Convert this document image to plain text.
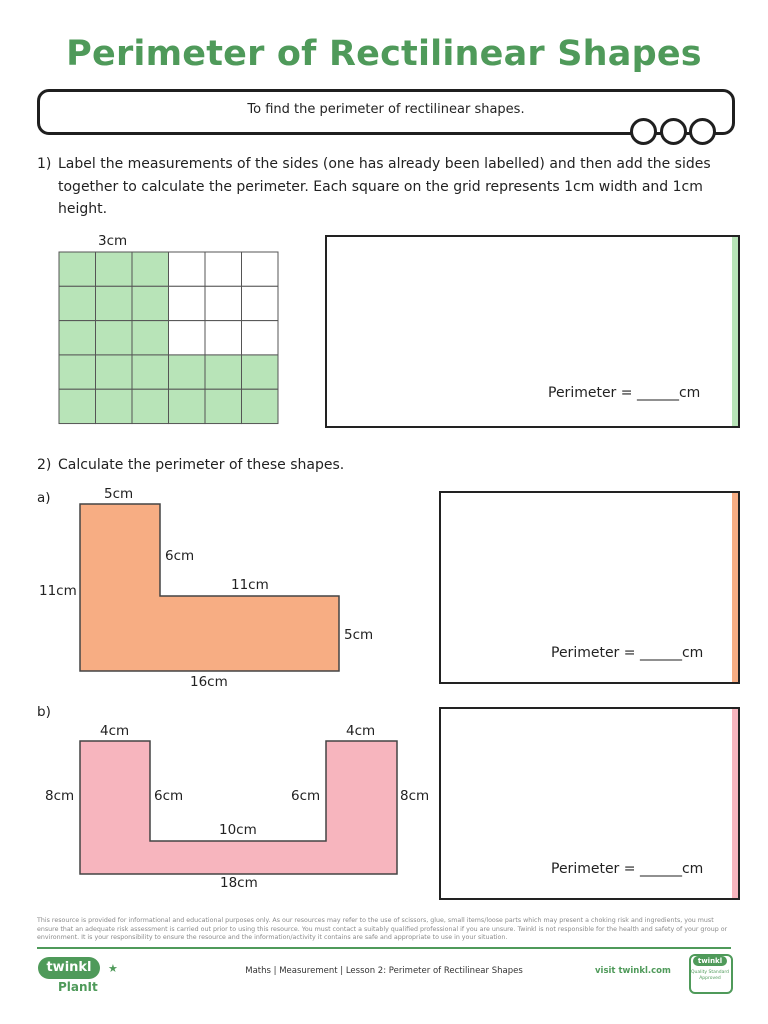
Perimeter of Rectilinear Shapes
To find the perimeter of rectilinear shapes.
1) Label the measurements of the sides (one has already been labelled) and then add the sides together to calculate the perimeter. Each square on the grid represents 1cm width and 1cm height.
3cm
Perimeter = ______cm
2) Calculate the perimeter of these shapes.
a)	5cm
6cm
11cm
5cm
11cm
16cm
Perimeter = ______cm
b)
4cm	4cm
8cm	6cm	6cm	8cm
10cm
18cm
Perimeter = ______cm
This resource is provided for informational and educational purposes only. As our resources may refer to the use of scissors, glue, small items/loose parts which may present a choking risk and ingredients, you must ensure that an adequate risk assessment is carried out prior to using this resource. You must contact a suitably qualified professional if you are unsure. Twinkl is not responsible for the health and safety of your group or environment. It is your responsibility to ensure the resource and the information/activity it contains are safe and appropriate to use in your situation.
twinkl
PlanIt
★	Maths | Measurement | Lesson 2: Perimeter of Rectilinear Shapes	visit twinkl.com
twinkl
Quality Standard Approved
